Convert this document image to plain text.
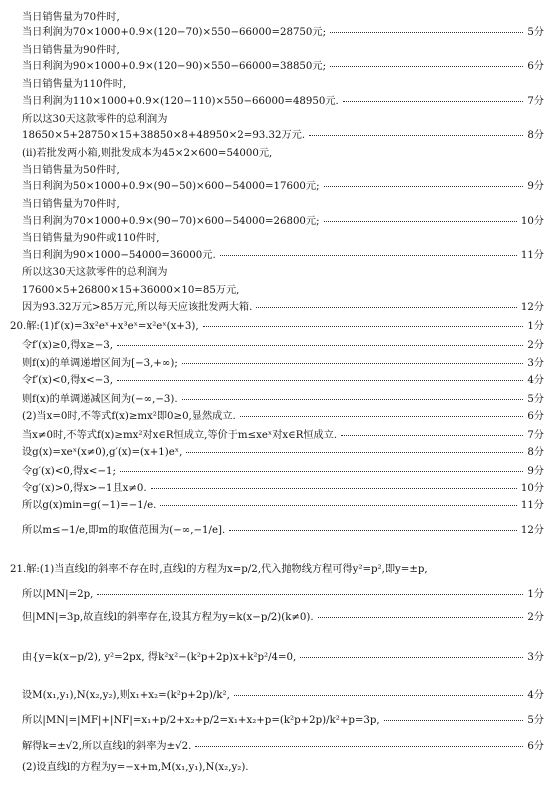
当日销售量为70件时,
当日利润为70×1000+0.9×(120−70)×550−66000=28750元;	5分
当日销售量为90件时,
当日利润为90×1000+0.9×(120−90)×550−66000=38850元;	6分
当日销售量为110件时,
当日利润为110×1000+0.9×(120−110)×550−66000=48950元.	7分
所以这30天这款零件的总利润为
18650×5+28750×15+38850×8+48950×2=93.32万元.	8分
(ii)若批发两小箱,则批发成本为45×2×600=54000元,
当日销售量为50件时,
当日利润为50×1000+0.9×(90−50)×600−54000=17600元;	9分
当日销售量为70件时,
当日利润为70×1000+0.9×(90−70)×600−54000=26800元;	10分
当日销售量为90件或110件时,
当日利润为90×1000−54000=36000元.	11分
所以这30天这款零件的总利润为
17600×5+26800×15+36000×10=85万元,
因为93.32万元>85万元,所以每天应该批发两大箱.	12分
20.解:(1)f′(x)=3x²eˣ+x³eˣ=x²eˣ(x+3),	1分
令f′(x)≥0,得x≥−3,	2分
则f(x)的单调递增区间为[−3,+∞);	3分
令f′(x)<0,得x<−3,	4分
则f(x)的单调递减区间为(−∞,−3).	5分
(2)当x=0时,不等式f(x)≥mx²即0≥0,显然成立.	6分
当x≠0时,不等式f(x)≥mx²对x∈R恒成立,等价于m≤xeˣ对x∈R恒成立.	7分
设g(x)=xeˣ(x≠0),g′(x)=(x+1)eˣ,	8分
令g′(x)<0,得x<−1;	9分
令g′(x)>0,得x>−1且x≠0.	10分
所以g(x)min=g(−1)=−1/e.	11分
所以m≤−1/e,即m的取值范围为(−∞,−1/e].	12分
21.解:(1)当直线l的斜率不存在时,直线l的方程为x=p/2,代入抛物线方程可得y²=p²,即y=±p,
所以|MN|=2p,	1分
但|MN|=3p,故直线l的斜率存在,设其方程为y=k(x−p/2)(k≠0).	2分
由{y=k(x−p/2), y²=2px, 得k²x²−(k²p+2p)x+k²p²/4=0,	3分
设M(x₁,y₁),N(x₂,y₂),则x₁+x₂=(k²p+2p)/k²,	4分
所以|MN|=|MF|+|NF|=x₁+p/2+x₂+p/2=x₁+x₂+p=(k²p+2p)/k²+p=3p,	5分
解得k=±√2,所以直线l的斜率为±√2.	6分
(2)设直线l的方程为y=−x+m,M(x₁,y₁),N(x₂,y₂).
